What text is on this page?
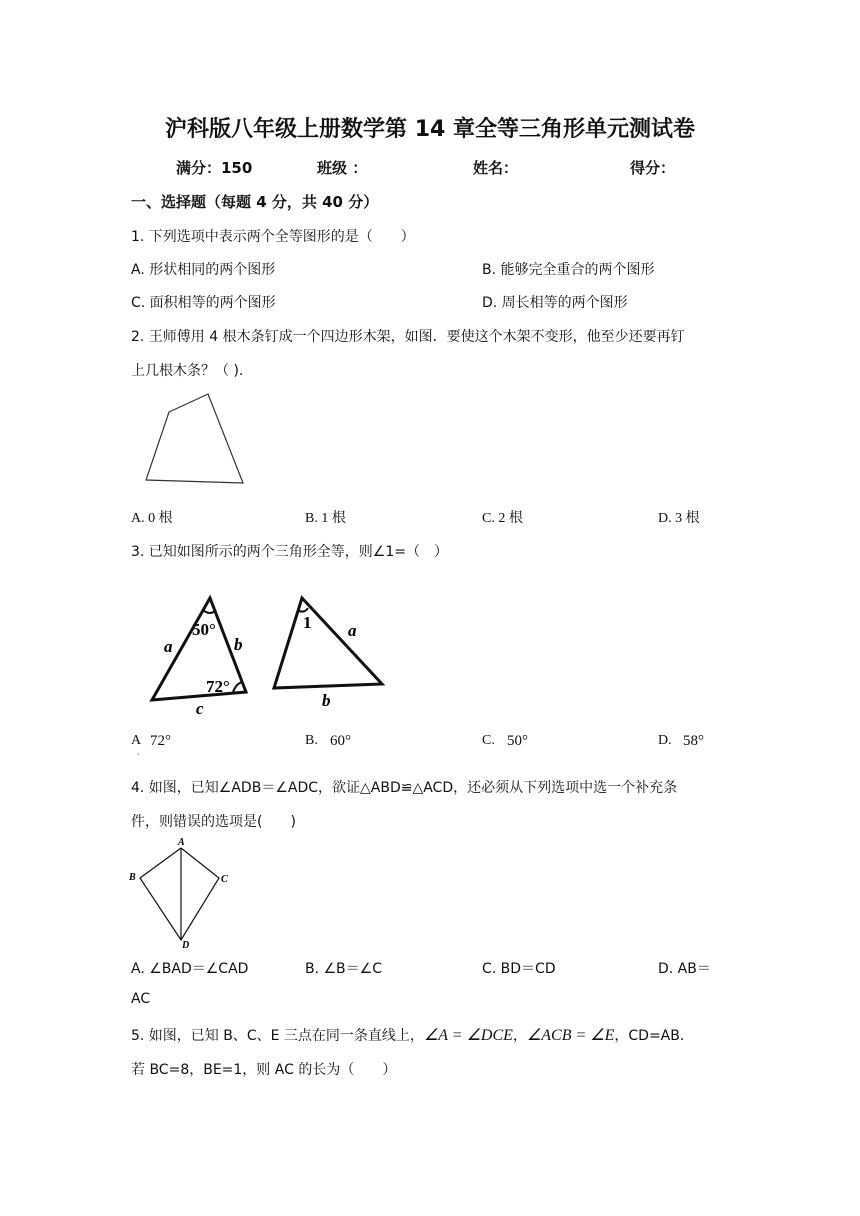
沪科版八年级上册数学第 14 章全等三角形单元测试卷
满分：150	班级 ：	姓名：	得分：
一、选择题（每题 4 分，共 40 分）
1. 下列选项中表示两个全等图形的是（　　）
A. 形状相同的两个图形	B. 能够完全重合的两个图形
C. 面积相等的两个图形	D. 周长相等的两个图形
2. 王师傅用 4 根木条钉成一个四边形木架，如图．要使这个木架不变形，他至少还要再钉
上几根木条？（ ).
A. 0 根	B. 1 根	C. 2 根	D. 3 根
3. 已知如图所示的两个三角形全等，则∠1=（　）
50°
72°
a	b
c
1 a
b
A
·
72°	B. 60°	C. 50°	D. 58°
4. 如图，已知∠ADB＝∠ADC，欲证△ABD≌△ACD，还必须从下列选项中选一个补充条
件，则错误的选项是(　　)
A
B	C
D
A. ∠BAD＝∠CAD	B. ∠B＝∠C	C. BD＝CD	D. AB＝
AC
5. 如图，已知 B、C、E 三点在同一条直线上，∠A = ∠DCE，∠ACB = ∠E，CD=AB.
若 BC=8，BE=1，则 AC 的长为（　　）
